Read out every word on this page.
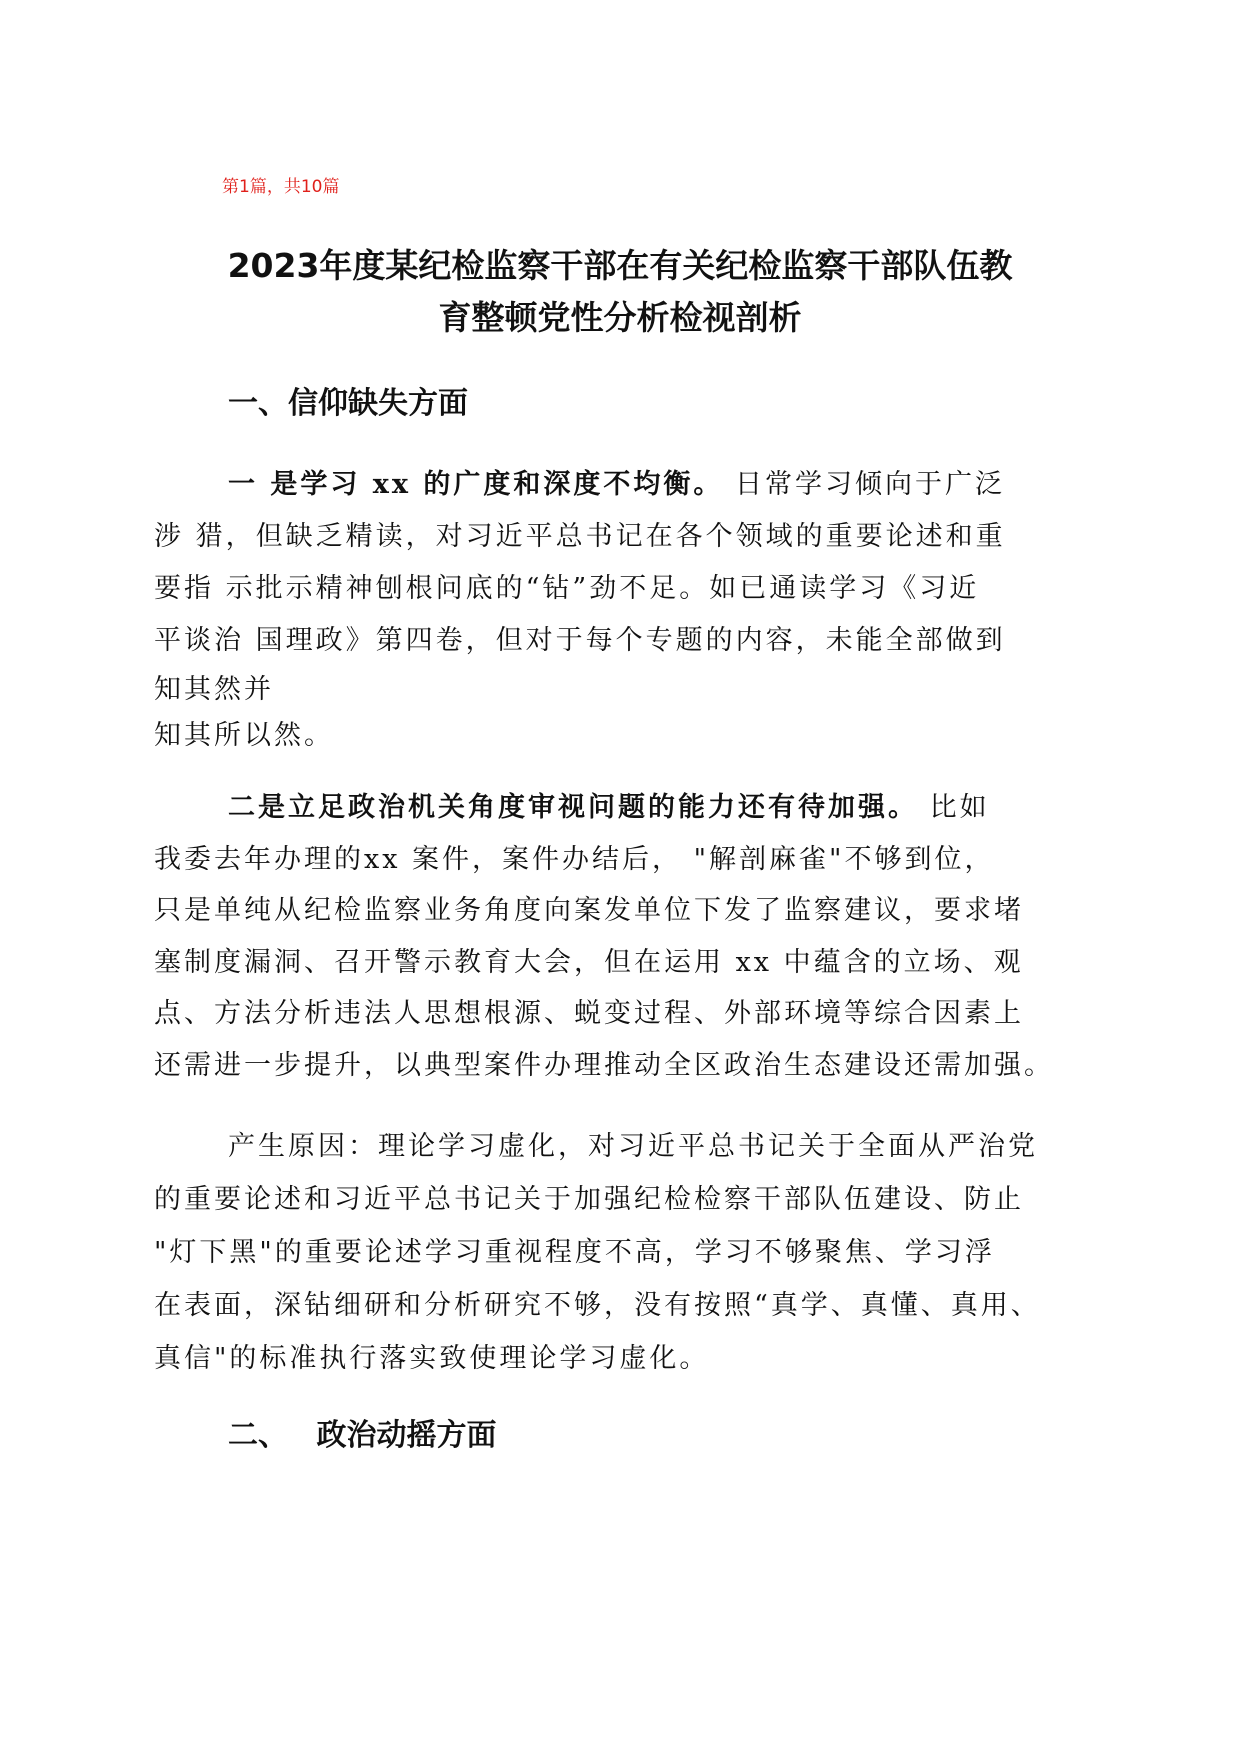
第1篇，共10篇

2023年度某纪检监察干部在有关纪检监察干部队伍教
育整顿党性分析检视剖析
一、信仰缺失方面

一 是学习 xx 的广度和深度不均衡。 日常学习倾向于广泛
涉 猎，但缺乏精读，对习近平总书记在各个领域的重要论述和重
要指 示批示精神刨根问底的“钻”劲不足。如已通读学习《习近
平谈治 国理政》第四卷，但对于每个专题的内容，未能全部做到
知其然并
知其所以然。

二是立足政治机关角度审视问题的能力还有待加强。 比如
我委去年办理的xx 案件，案件办结后， "解剖麻雀"不够到位，
只是单纯从纪检监察业务角度向案发单位下发了监察建议，要求堵
塞制度漏洞、召开警示教育大会，但在运用 xx 中蕴含的立场、观
点、方法分析违法人思想根源、蜕变过程、外部环境等综合因素上
还需进一步提升，以典型案件办理推动全区政治生态建设还需加强。

产生原因：理论学习虚化，对习近平总书记关于全面从严治党
的重要论述和习近平总书记关于加强纪检检察干部队伍建设、防止
"灯下黑"的重要论述学习重视程度不高，学习不够聚焦、学习浮
在表面，深钻细研和分析研究不够，没有按照“真学、真懂、真用、
真信"的标准执行落实致使理论学习虚化。

二、 政治动摇方面
